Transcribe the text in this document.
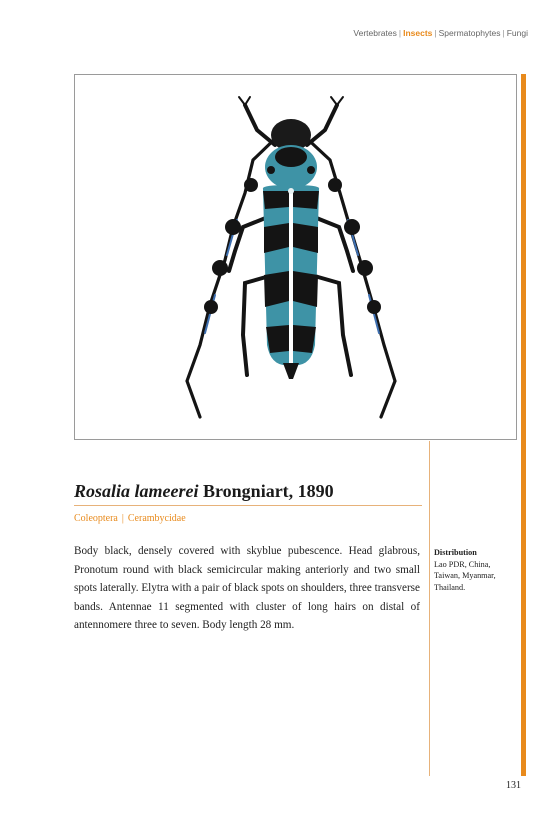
Vertebrates | Insects | Spermatophytes | Fungi
Rosalia lameerei Brongniart, 1890
Coleoptera | Cerambycidae

Body black, densely covered with skyblue pubescence. Head glabrous, Pronotum round with black semicircular making anteriorly and two small spots laterally. Elytra with a pair of black spots on shoulders, three transverse bands. Antennae 11 segmented with cluster of long hairs on distal of antennomere three to seven. Body length 28 mm.

Distribution
Lao PDR, China, Taiwan, Myanmar, Thailand.
131
